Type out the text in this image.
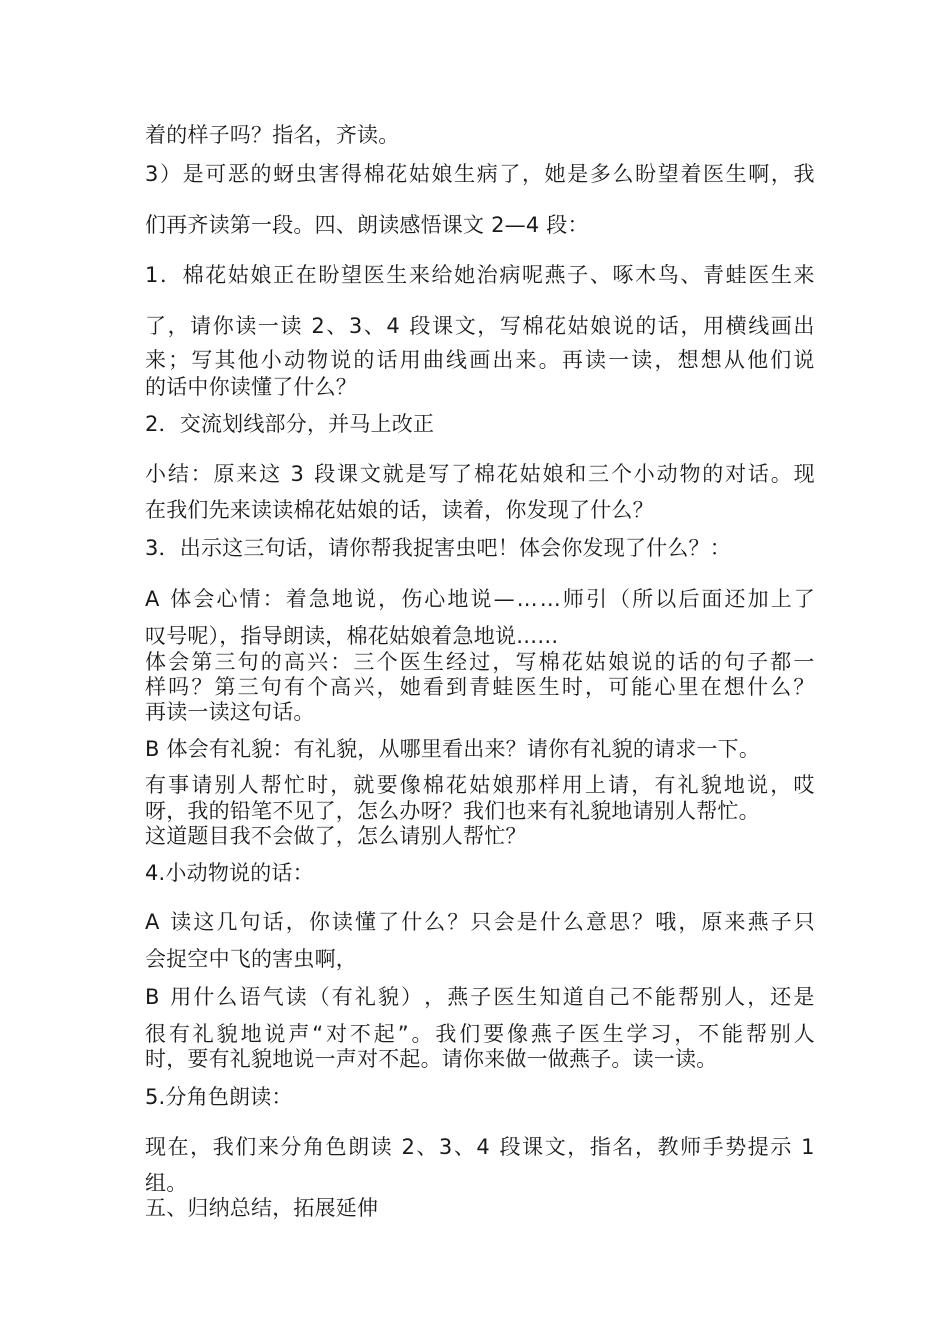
着的样子吗？指名，齐读。
3 ） 是 可 恶 的 蚜 虫 害 得 棉 花 姑 娘 生 病 了 ， 她 是 多 么 盼 望 着 医 生 啊 ， 我
们再齐读第一段。四、朗读感悟课文 2—4 段：
1 ． 棉 花 姑 娘 正 在 盼 望 医 生 来 给 她 治 病 呢 燕 子 、 啄 木 鸟 、 青 蛙 医 生 来
了 ， 请 你 读 一 读
2 、 3 、 4
段 课 文 ， 写 棉 花 姑 娘 说 的 话 ， 用 横 线 画 出
来 ； 写 其 他 小 动 物 说 的 话 用 曲 线 画 出 来 。 再 读 一 读 ， 想 想 从 他 们 说
的话中你读懂了什么？
2．交流划线部分，并马上改正
小 结 ： 原 来 这
3
段 课 文 就 是 写 了 棉 花 姑 娘 和 三 个 小 动 物 的 对 话 。 现
在我们先来读读棉花姑娘的话，读着，你发现了什么？
3．出示这三句话，请你帮我捉害虫吧！体会你发现了什么？：
A
体 会 心 情 ： 着 急 地 说 ， 伤 心 地 说 — … … 师 引 （ 所 以 后 面 还 加 上 了
叹号呢），指导朗读，棉花姑娘着急地说……
体 会 第 三 句 的 高 兴 ： 三 个 医 生 经 过 ， 写 棉 花 姑 娘 说 的 话 的 句 子 都 一
样 吗 ？ 第 三 句 有 个 高 兴 ， 她 看 到 青 蛙 医 生 时 ， 可 能 心 里 在 想 什 么 ？
再读一读这句话。
B 体会有礼貌：有礼貌，从哪里看出来？请你有礼貌的请求一下。
有 事 请 别 人 帮 忙 时 ， 就 要 像 棉 花 姑 娘 那 样 用 上 请 ， 有 礼 貌 地 说 ， 哎
呀，我的铅笔不见了，怎么办呀？我们也来有礼貌地请别人帮忙。
这道题目我不会做了，怎么请别人帮忙？
4.小动物说的话：
A
读 这 几 句 话 ， 你 读 懂 了 什 么 ？ 只 会 是 什 么 意 思 ？ 哦 ， 原 来 燕 子 只
会捉空中飞的害虫啊，
B
用 什 么 语 气 读 （ 有 礼 貌 ） ， 燕 子 医 生 知 道 自 己 不 能 帮 别 人 ， 还 是
很 有 礼 貌 地 说 声 “ 对 不 起 ” 。 我 们 要 像 燕 子 医 生 学 习 ， 不 能 帮 别 人
时，要有礼貌地说一声对不起。请你来做一做燕子。读一读。
5.分角色朗读：
现 在 ， 我 们 来 分 角 色 朗 读
2 、 3 、 4
段 课 文 ， 指 名 ， 教 师 手 势 提 示
1
组。
五、归纳总结，拓展延伸
